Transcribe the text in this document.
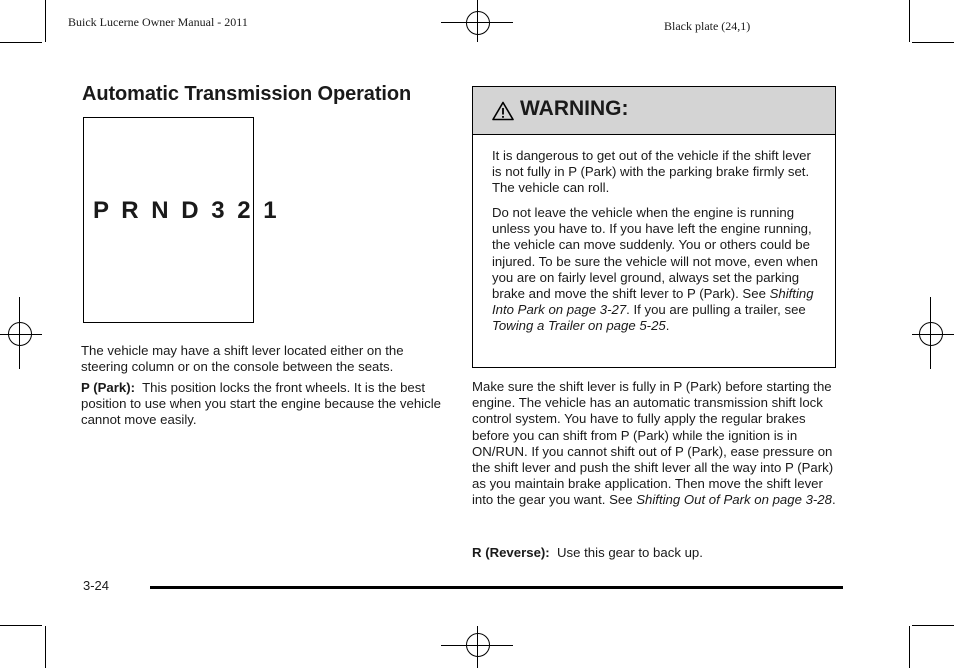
Buick Lucerne Owner Manual - 2011	Black plate (24,1)
Automatic Transmission Operation
P R N D 3 2 1
The vehicle may have a shift lever located either on the steering column or on the console between the seats.
P (Park): This position locks the front wheels. It is the best position to use when you start the engine because the vehicle cannot move easily.
WARNING:
It is dangerous to get out of the vehicle if the shift lever is not fully in P (Park) with the parking brake firmly set. The vehicle can roll.
Do not leave the vehicle when the engine is running unless you have to. If you have left the engine running, the vehicle can move suddenly. You or others could be injured. To be sure the vehicle will not move, even when you are on fairly level ground, always set the parking brake and move the shift lever to P (Park). See Shifting Into Park on page 3-27. If you are pulling a trailer, see Towing a Trailer on page 5-25.
Make sure the shift lever is fully in P (Park) before starting the engine. The vehicle has an automatic transmission shift lock control system. You have to fully apply the regular brakes before you can shift from P (Park) while the ignition is in ON/RUN. If you cannot shift out of P (Park), ease pressure on the shift lever and push the shift lever all the way into P (Park) as you maintain brake application. Then move the shift lever into the gear you want. See Shifting Out of Park on page 3-28.
R (Reverse): Use this gear to back up.
3-24
